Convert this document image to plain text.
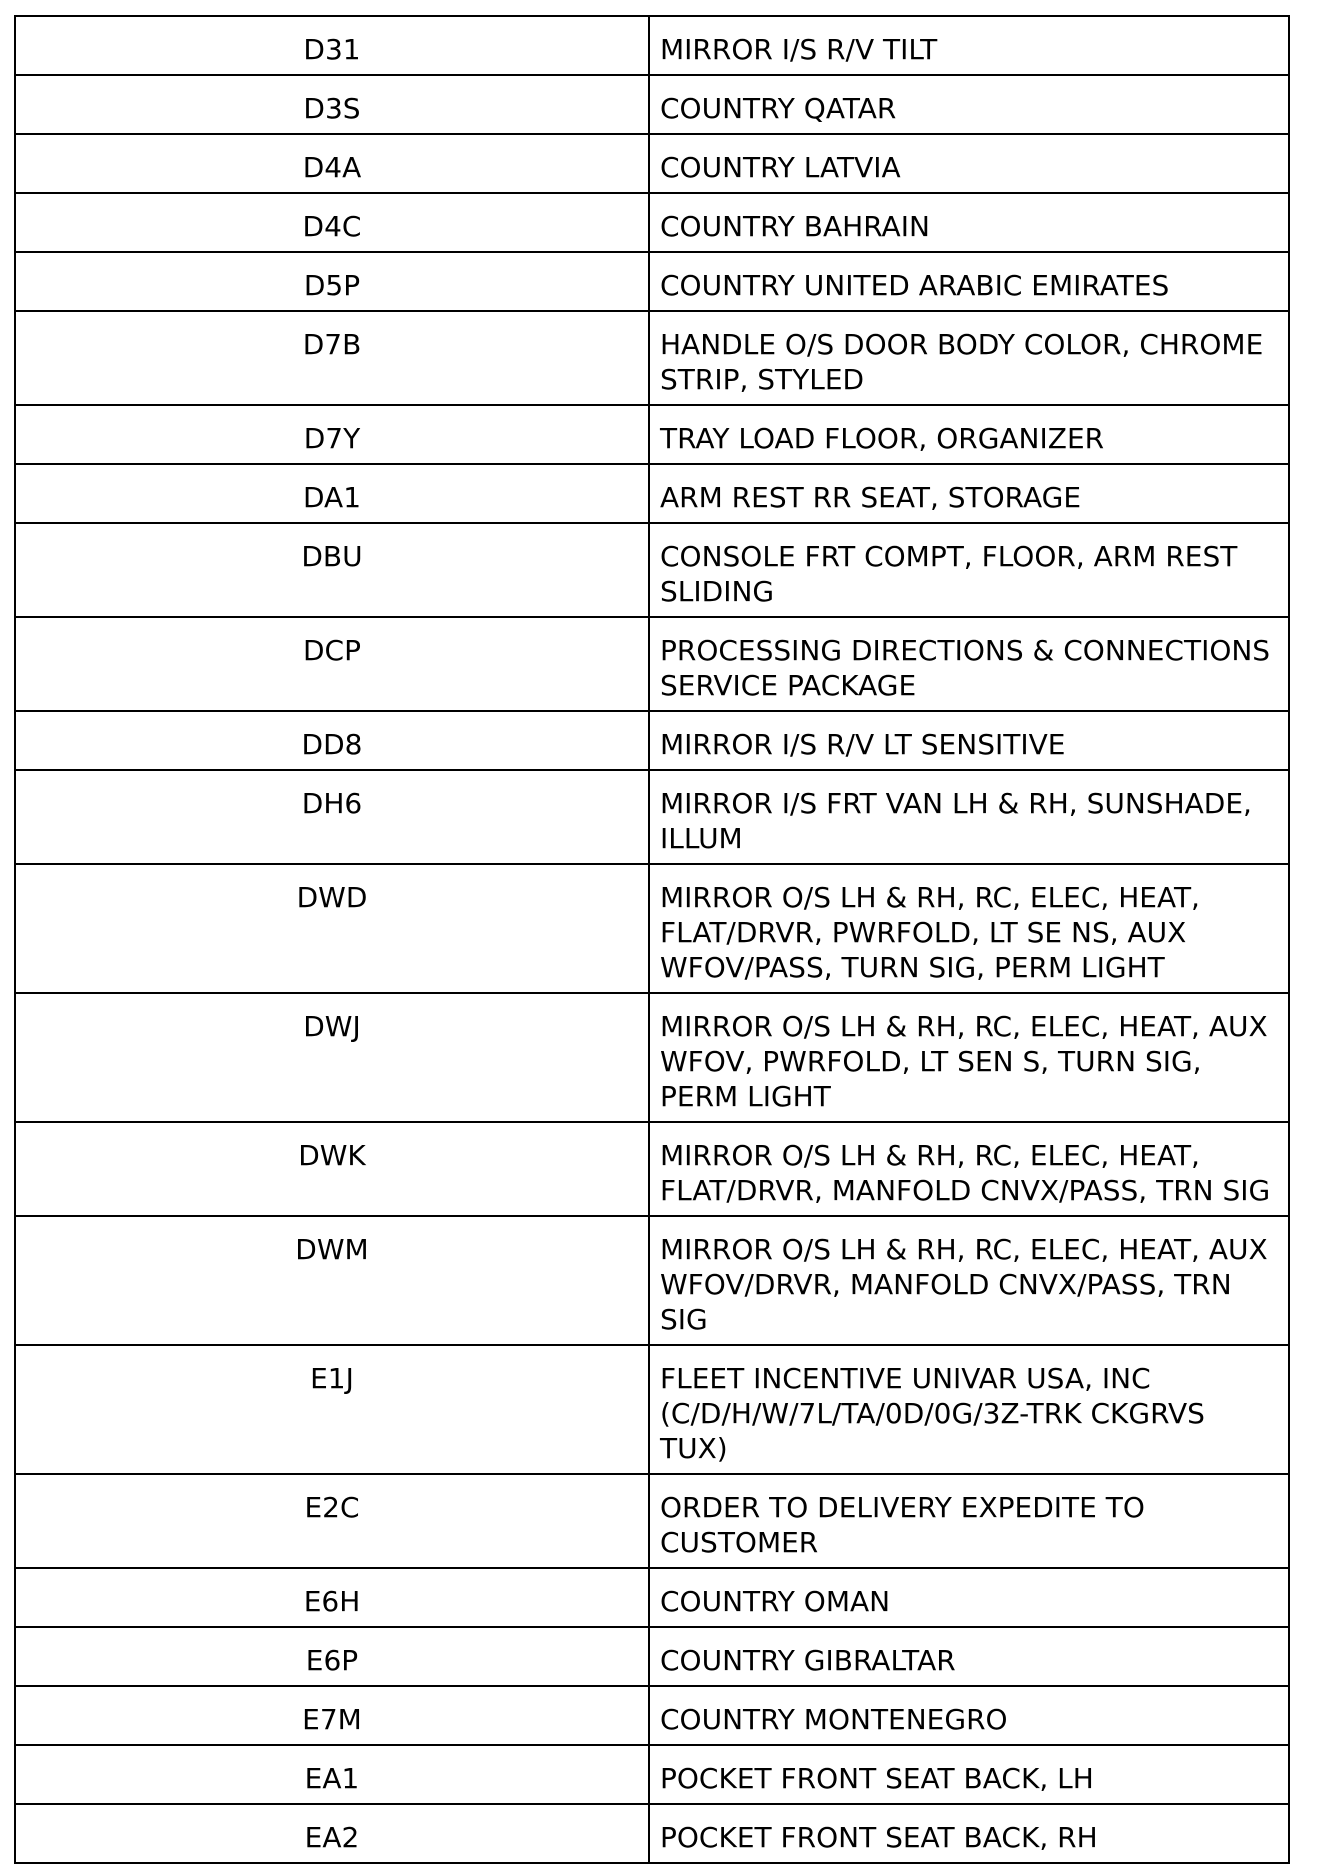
D31	MIRROR I/S R/V TILT
D3S	COUNTRY QATAR
D4A	COUNTRY LATVIA
D4C	COUNTRY BAHRAIN
D5P	COUNTRY UNITED ARABIC EMIRATES
D7B	HANDLE O/S DOOR BODY COLOR, CHROME STRIP, STYLED
D7Y	TRAY LOAD FLOOR, ORGANIZER
DA1	ARM REST RR SEAT, STORAGE
DBU	CONSOLE FRT COMPT, FLOOR, ARM REST SLIDING
DCP	PROCESSING DIRECTIONS & CONNECTIONS SERVICE PACKAGE
DD8	MIRROR I/S R/V LT SENSITIVE
DH6	MIRROR I/S FRT VAN LH & RH, SUNSHADE, ILLUM
DWD	MIRROR O/S LH & RH, RC, ELEC, HEAT, FLAT/DRVR, PWRFOLD, LT SE NS, AUX WFOV/PASS, TURN SIG, PERM LIGHT
DWJ	MIRROR O/S LH & RH, RC, ELEC, HEAT, AUX WFOV, PWRFOLD, LT SEN S, TURN SIG, PERM LIGHT
DWK	MIRROR O/S LH & RH, RC, ELEC, HEAT, FLAT/DRVR, MANFOLD CNVX/PASS, TRN SIG
DWM	MIRROR O/S LH & RH, RC, ELEC, HEAT, AUX WFOV/DRVR, MANFOLD CNVX/PASS, TRN SIG
E1J	FLEET INCENTIVE UNIVAR USA, INC (C/D/H/W/7L/TA/0D/0G/3Z-TRK CKGRVS TUX)
E2C	ORDER TO DELIVERY EXPEDITE TO CUSTOMER
E6H	COUNTRY OMAN
E6P	COUNTRY GIBRALTAR
E7M	COUNTRY MONTENEGRO
EA1	POCKET FRONT SEAT BACK, LH
EA2	POCKET FRONT SEAT BACK, RH
